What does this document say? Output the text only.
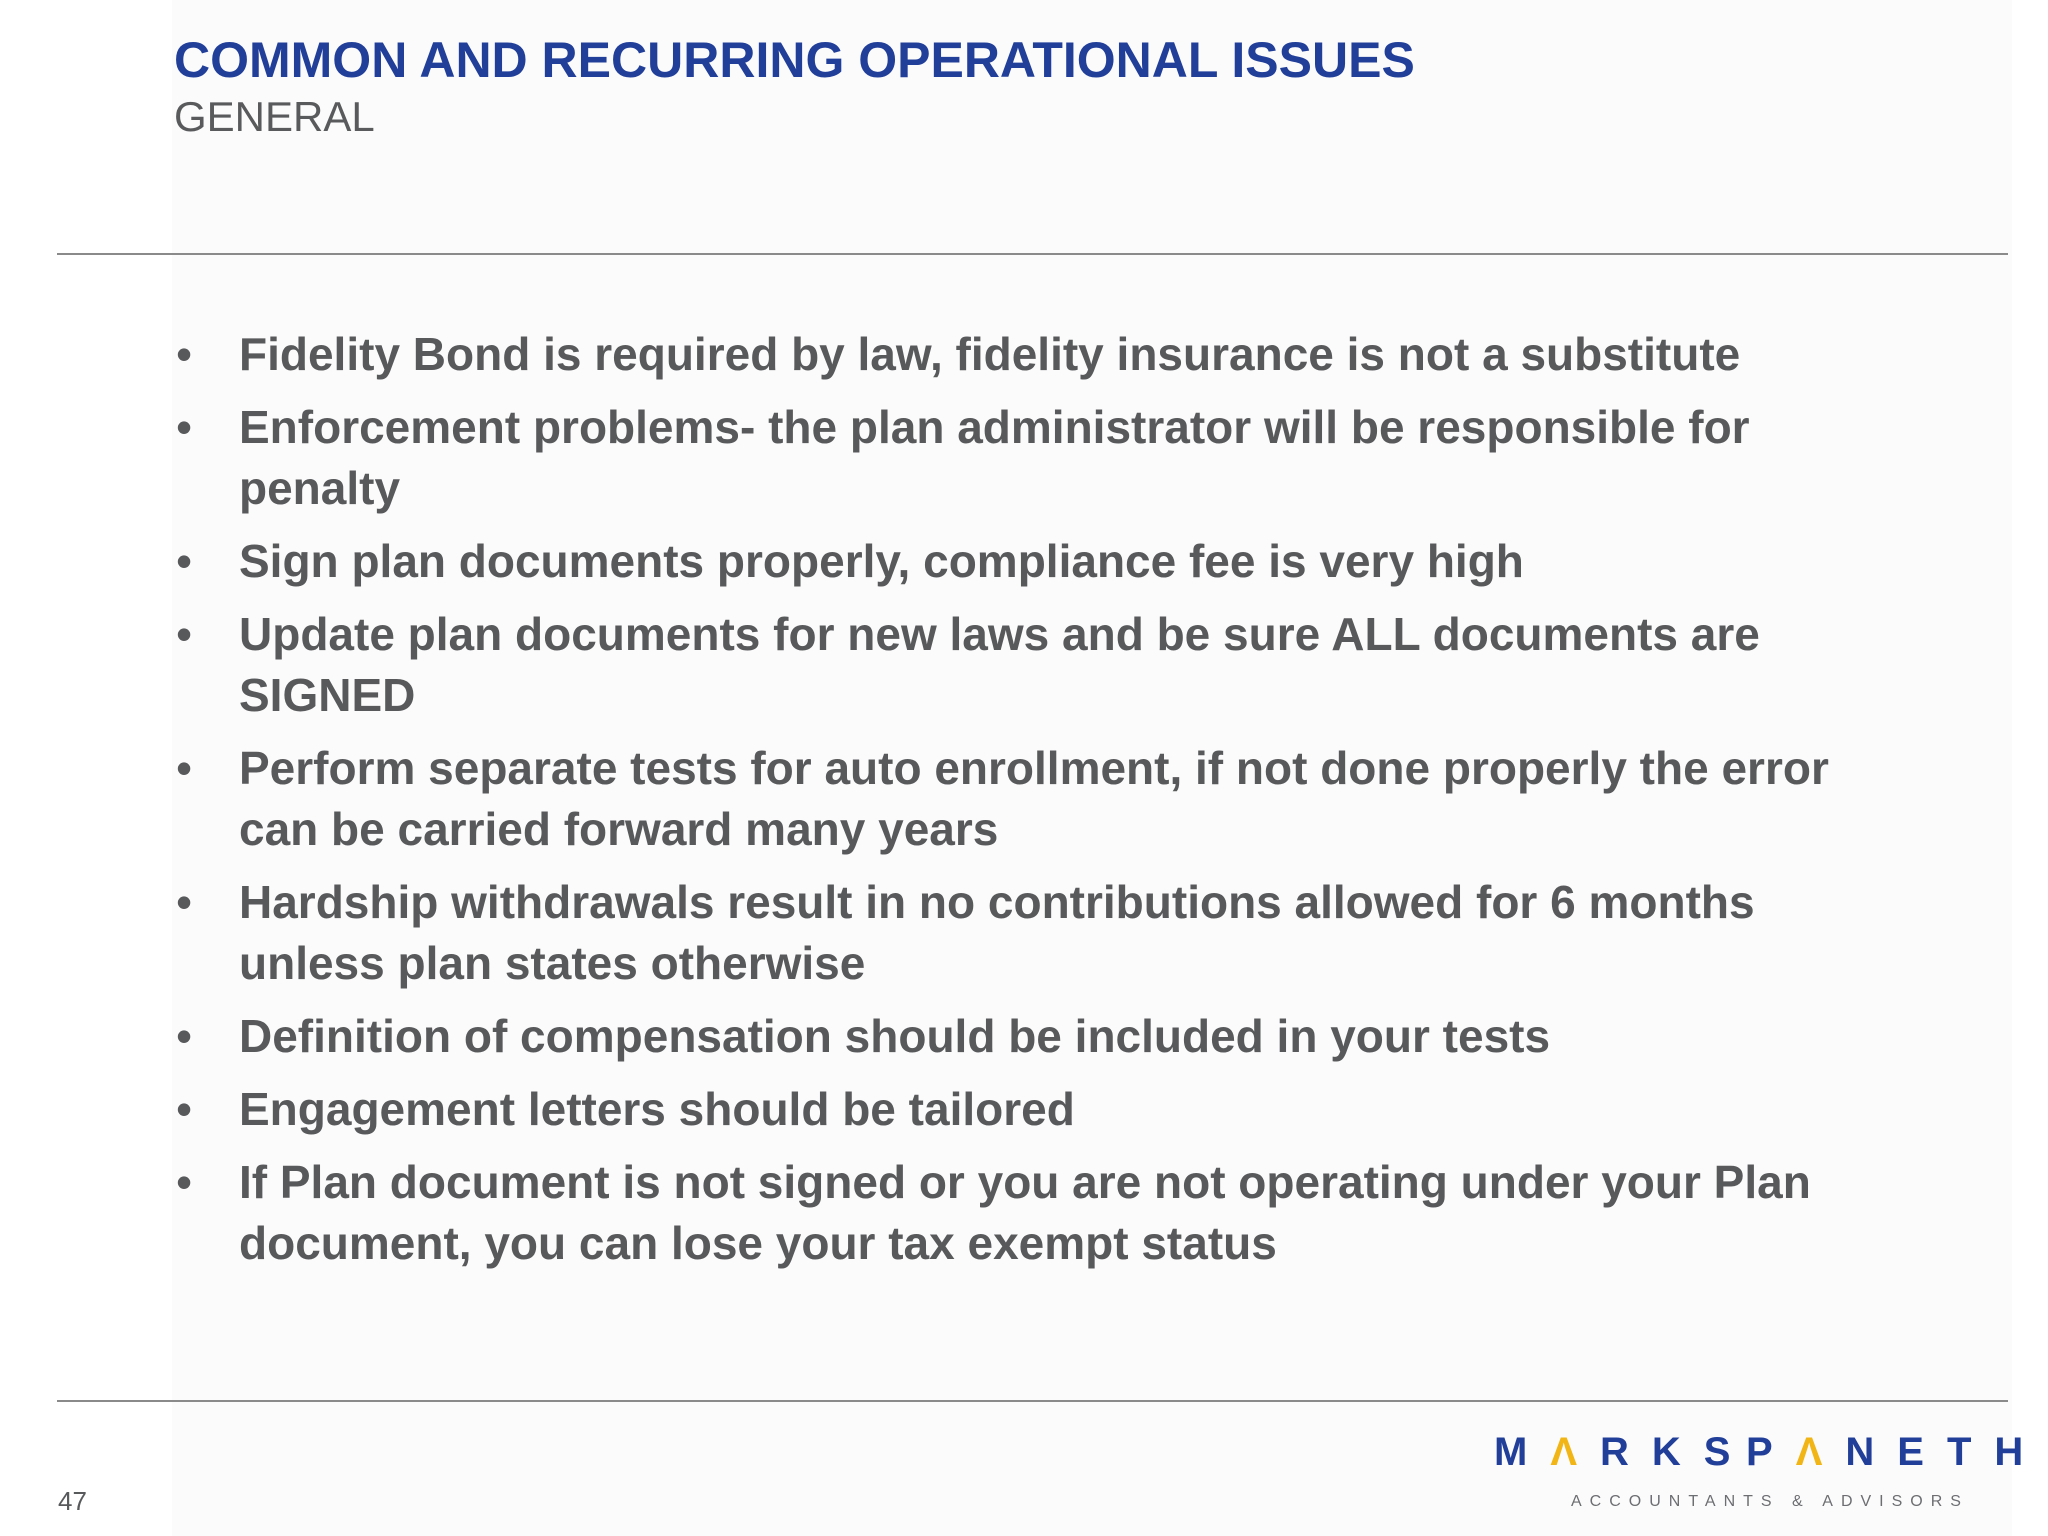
COMMON AND RECURRING OPERATIONAL ISSUES
GENERAL
• Fidelity Bond is required by law, fidelity insurance is not a substitute
• Enforcement problems- the plan administrator will be responsible for penalty
• Sign plan documents properly, compliance fee is very high
• Update plan documents for new laws and be sure ALL documents are SIGNED
• Perform separate tests for auto enrollment, if not done properly the error can be carried forward many years
• Hardship withdrawals result in no contributions allowed for 6 months unless plan states otherwise
• Definition of compensation should be included in your tests
• Engagement letters should be tailored
• If Plan document is not signed or you are not operating under your Plan document, you can lose your tax exempt status
47
MΛRKS
PΛNETH
ACCOUNTANTS & ADVISORS
